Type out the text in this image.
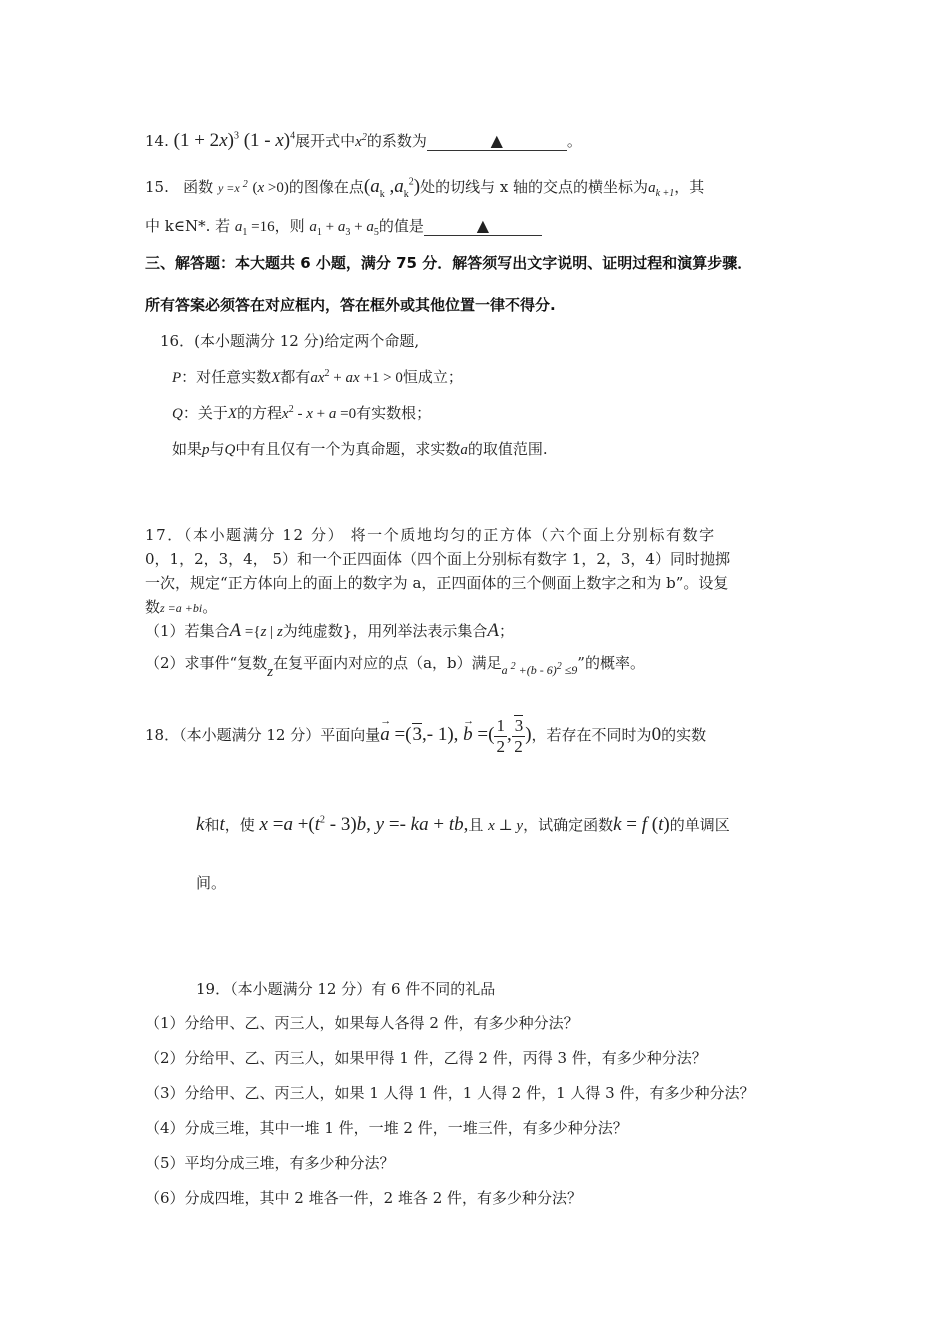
14. $(1 + 2x)^3$ (1 - x)$^4$展开式中$x^2$的系数为	▲	。
15. 函数 y =x $^2$ (x >0)的图像在点($a_k$ $,a_k^2$)处的切线与 x 轴的交点的横坐标为$a_{k +1}$，其
中 k∈N*. 若 $a_1 =16$，则 $a_1 + a_3 + a_5$的值是	▲
三、解答题：本大题共 6 小题，满分 75 分．解答须写出文字说明、证明过程和演算步骤．
所有答案必须答在对应框内，答在框外或其他位置一律不得分.
16．(本小题满分 12 分)给定两个命题,
P：对任意实数X都有$ax^2$ + ax +1 > 0恒成立；
Q：关于X的方程$x^2 - x + a =0$有实数根；
如果p与Q中有且仅有一个为真命题，求实数a的取值范围.
17．（本小题满分 12 分） 将一个质地均匀的正方体（六个面上分别标有数字
0，1，2，3，4， 5）和一个正四面体（四个面上分别标有数字 1，2，3，4）同时抛掷
一次，规定“正方体向上的面上的数字为 a，正四面体的三个侧面上数字之和为 b”。设复
数z =a +bi。
（1）若集合A ={z | z为纯虚数}，用列举法表示集合A；
（2）求事件“复数z在复平面内对应的点（a，b）满足$_{a ^2 +(b - 6)^2 \le 9}$”的概率。
18．（本小题满分 12 分）平面向量→ a =(3,- 1), → b =( $\frac{1}{2}$ , $\frac{3}{2}$ )，若存在不同时为0的实数
k和t，使 $x =a +(t^2 - 3)b$, y =- ka + tb,且 x ⊥ y，试确定函数k = f (t)的单调区
间。
19．（本小题满分 12 分）有 6 件不同的礼品
（1）分给甲、乙、丙三人，如果每人各得 2 件，有多少种分法？
（2）分给甲、乙、丙三人，如果甲得 1 件，乙得 2 件，丙得 3 件，有多少种分法？
（3）分给甲、乙、丙三人，如果 1 人得 1 件，1 人得 2 件，1 人得 3 件，有多少种分法？
（4）分成三堆，其中一堆 1 件，一堆 2 件，一堆三件，有多少种分法？
（5）平均分成三堆，有多少种分法？
（6）分成四堆，其中 2 堆各一件，2 堆各 2 件，有多少种分法？
